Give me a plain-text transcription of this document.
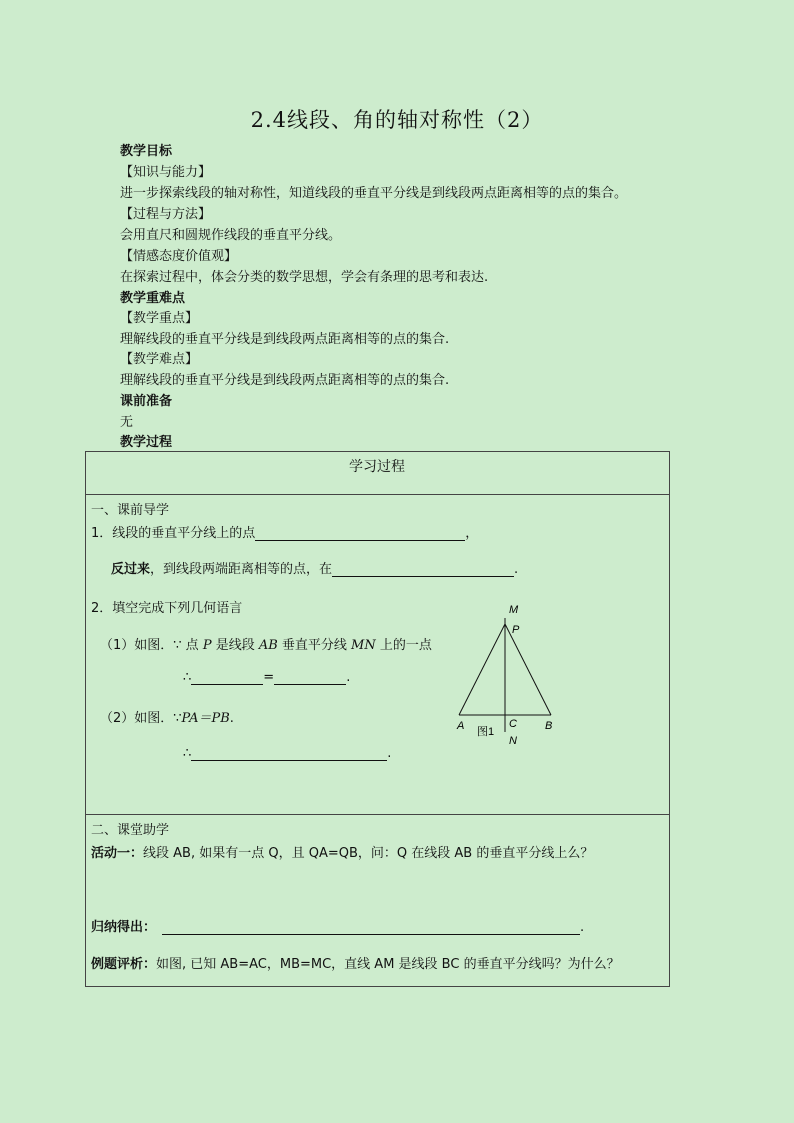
2.4线段、角的轴对称性（2）
教学目标
【知识与能力】
进一步探索线段的轴对称性，知道线段的垂直平分线是到线段两点距离相等的点的集合。
【过程与方法】
会用直尺和圆规作线段的垂直平分线。
【情感态度价值观】
在探索过程中，体会分类的数学思想，学会有条理的思考和表达.
教学重难点
【教学重点】
理解线段的垂直平分线是到线段两点距离相等的点的集合.
【教学难点】
理解线段的垂直平分线是到线段两点距离相等的点的集合.
课前准备
无
教学过程
学习过程
一、课前导学
1．线段的垂直平分线上的点	，
反过来，到线段两端距离相等的点，在	.
2．填空完成下列几何语言
（1）如图．∵ 点 P 是线段 AB 垂直平分线 MN 上的一点
∴	=	.
（2）如图．∵PA＝PB.
∴	.
M
P
A	B
C
N
图1
二、课堂助学
活动一：线段 AB, 如果有一点 Q，且 QA=QB，问：Q 在线段 AB 的垂直平分线上么？
归纳得出：	.
例题评析：如图, 已知 AB=AC，MB=MC，直线 AM 是线段 BC 的垂直平分线吗？为什么？
